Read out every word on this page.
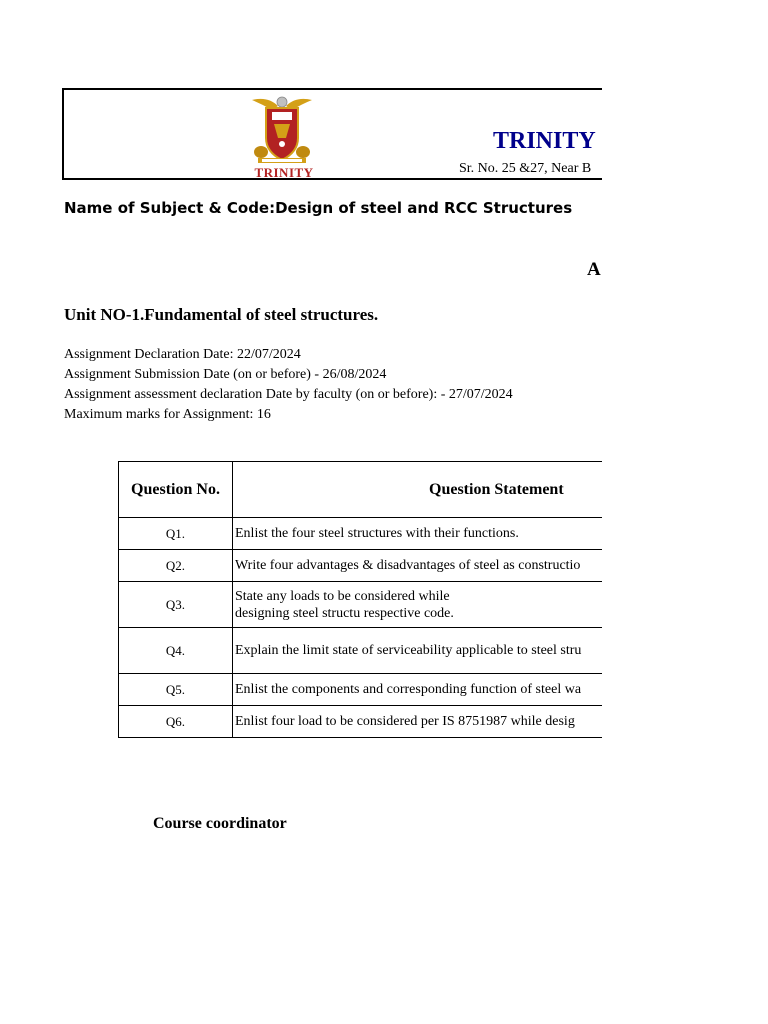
TRINITY
TRINITY
Sr. No. 25 &27, Near B
Name of Subject & Code:Design of steel and RCC Structures
A
Unit NO-1.Fundamental of steel structures.
Assignment Declaration Date: 22/07/2024
Assignment Submission Date (on or before) - 26/08/2024
Assignment assessment declaration Date by faculty (on or before): - 27/07/2024
Maximum marks for Assignment: 16
Question No.	Question Statement
Q1.	Enlist the four steel structures with their functions.
Q2.	Write four advantages & disadvantages of steel as constructio
Q3.	State any loads to be considered while designing steel structu respective code.
Q4.	Explain the limit state of serviceability applicable to steel stru
Q5.	Enlist the components and corresponding function of steel wa
Q6.	Enlist four load to be considered per IS 8751987 while desig
Course coordinator
